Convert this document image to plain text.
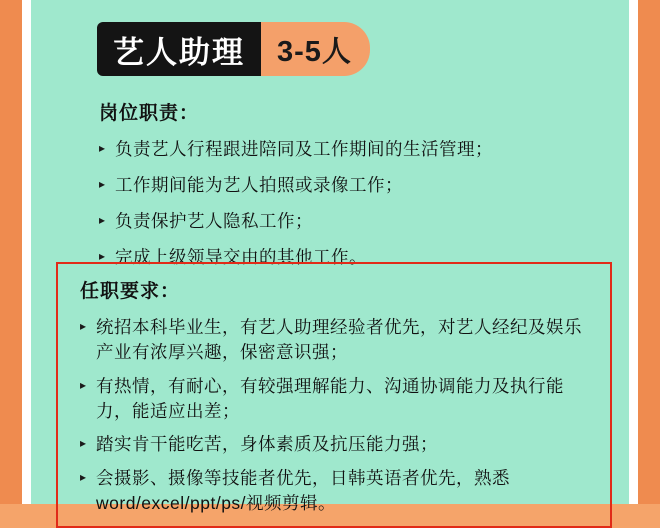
艺人助理	3-5人
岗位职责：
▸ 负责艺人行程跟进陪同及工作期间的生活管理；
▸ 工作期间能为艺人拍照或录像工作；
▸ 负责保护艺人隐私工作；
▸ 完成上级领导交由的其他工作。
任职要求：
▸ 统招本科毕业生，有艺人助理经验者优先，对艺人经纪及娱乐产业有浓厚兴趣，保密意识强；
▸ 有热情，有耐心，有较强理解能力、沟通协调能力及执行能力，能适应出差；
▸ 踏实肯干能吃苦，身体素质及抗压能力强；
▸ 会摄影、摄像等技能者优先，日韩英语者优先，熟悉word/excel/ppt/ps/视频剪辑。
